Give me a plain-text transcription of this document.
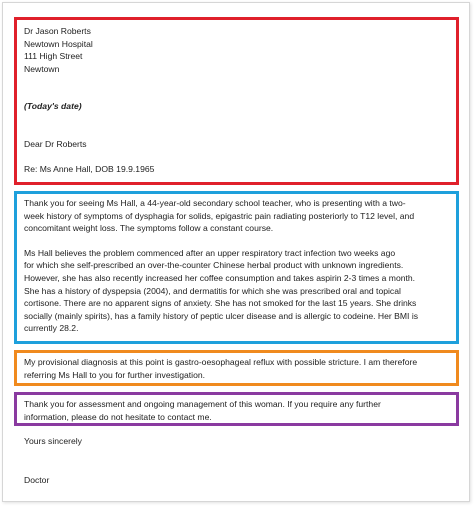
Dr Jason Roberts
Newtown Hospital
111 High Street
Newtown
(Today's date)
Dear Dr Roberts
Re: Ms Anne Hall, DOB 19.9.1965

Thank you for seeing Ms Hall, a 44-year-old secondary school teacher, who is presenting with a two-
week history of symptoms of dysphagia for solids, epigastric pain radiating posteriorly to T12 level, and
concomitant weight loss. The symptoms follow a constant course.

Ms Hall believes the problem commenced after an upper respiratory tract infection two weeks ago
for which she self-prescribed an over-the-counter Chinese herbal product with unknown ingredients.
However, she has also recently increased her coffee consumption and takes aspirin 2-3 times a month.
She has a history of dyspepsia (2004), and dermatitis for which she was prescribed oral and topical
cortisone. There are no apparent signs of anxiety. She has not smoked for the last 15 years. She drinks
socially (mainly spirits), has a family history of peptic ulcer disease and is allergic to codeine. Her BMI is
currently 28.2.

My provisional diagnosis at this point is gastro-oesophageal reflux with possible stricture. I am therefore
referring Ms Hall to you for further investigation.
Thank you for assessment and ongoing management of this woman. If you require any further
information, please do not hesitate to contact me.
Yours sincerely
Doctor
